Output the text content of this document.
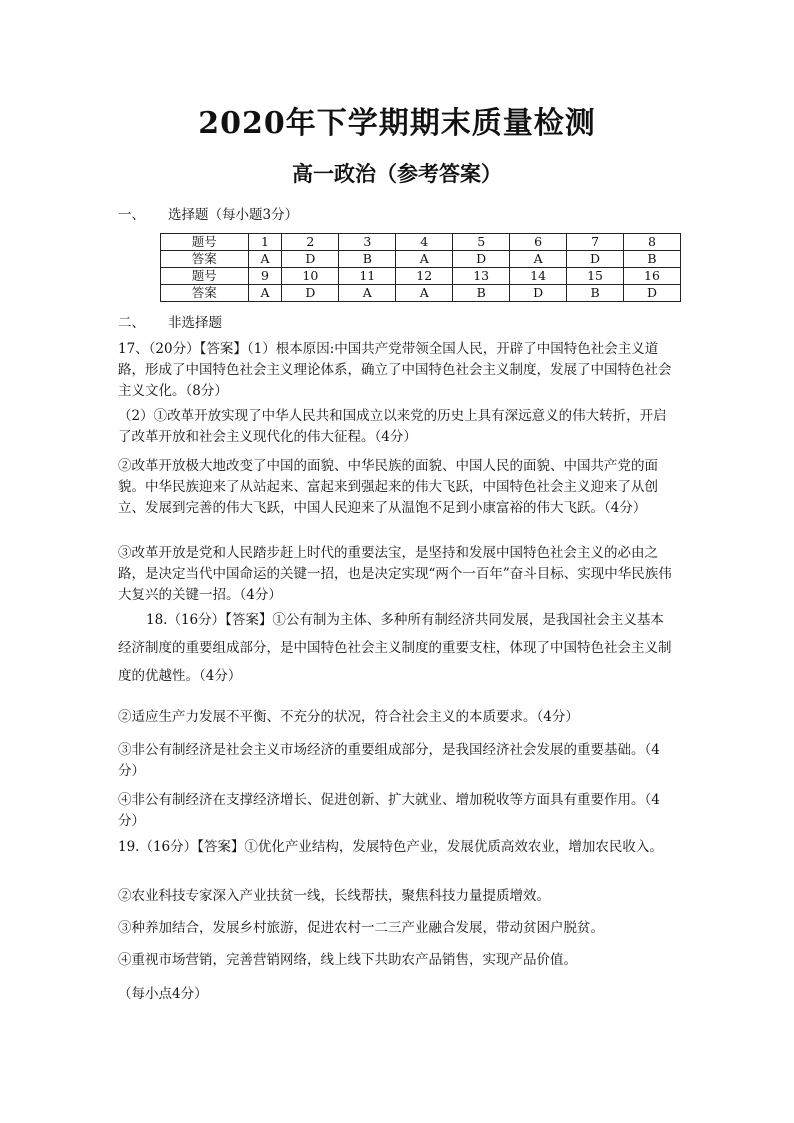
2020年下学期期末质量检测
高一政治（参考答案）
一、 选择题（每小题3分）
题号	1	2	3	4	5	6	7	8
答案	A	D	B	A	D	A	D	B
题号	9	10	11	12	13	14	15	16
答案	A	D	A	A	B	D	B	D
二、 非选择题

17、（20分）【答案】（1）根本原因:中国共产党带领全国人民，开辟了中国特色社会主义道路，形成了中国特色社会主义理论体系，确立了中国特色社会主义制度，发展了中国特色社会主义文化。（8分）

（2）①改革开放实现了中华人民共和国成立以来党的历史上具有深远意义的伟大转折，开启了改革开放和社会主义现代化的伟大征程。（4分）

②改革开放极大地改变了中国的面貌、中华民族的面貌、中国人民的面貌、中国共产党的面貌。中华民族迎来了从站起来、富起来到强起来的伟大飞跃，中国特色社会主义迎来了从创立、发展到完善的伟大飞跃，中国人民迎来了从温饱不足到小康富裕的伟大飞跃。（4分）

③改革开放是党和人民踏步赶上时代的重要法宝，是坚持和发展中国特色社会主义的必由之路，是决定当代中国命运的关键一招，也是决定实现“两个一百年”奋斗目标、实现中华民族伟大复兴的关键一招。（4分）

18.（16分）【答案】①公有制为主体、多种所有制经济共同发展，是我国社会主义基本经济制度的重要组成部分，是中国特色社会主义制度的重要支柱，体现了中国特色社会主义制度的优越性。（4分）

②适应生产力发展不平衡、不充分的状况，符合社会主义的本质要求。（4分）

③非公有制经济是社会主义市场经济的重要组成部分，是我国经济社会发展的重要基础。（4分）

④非公有制经济在支撑经济增长、促进创新、扩大就业、增加税收等方面具有重要作用。（4分）

19.（16分）【答案】①优化产业结构，发展特色产业，发展优质高效农业，增加农民收入。

②农业科技专家深入产业扶贫一线，长线帮扶，聚焦科技力量提质增效。

③种养加结合，发展乡村旅游，促进农村一二三产业融合发展，带动贫困户脱贫。

④重视市场营销，完善营销网络，线上线下共助农产品销售，实现产品价值。

（每小点4分）
